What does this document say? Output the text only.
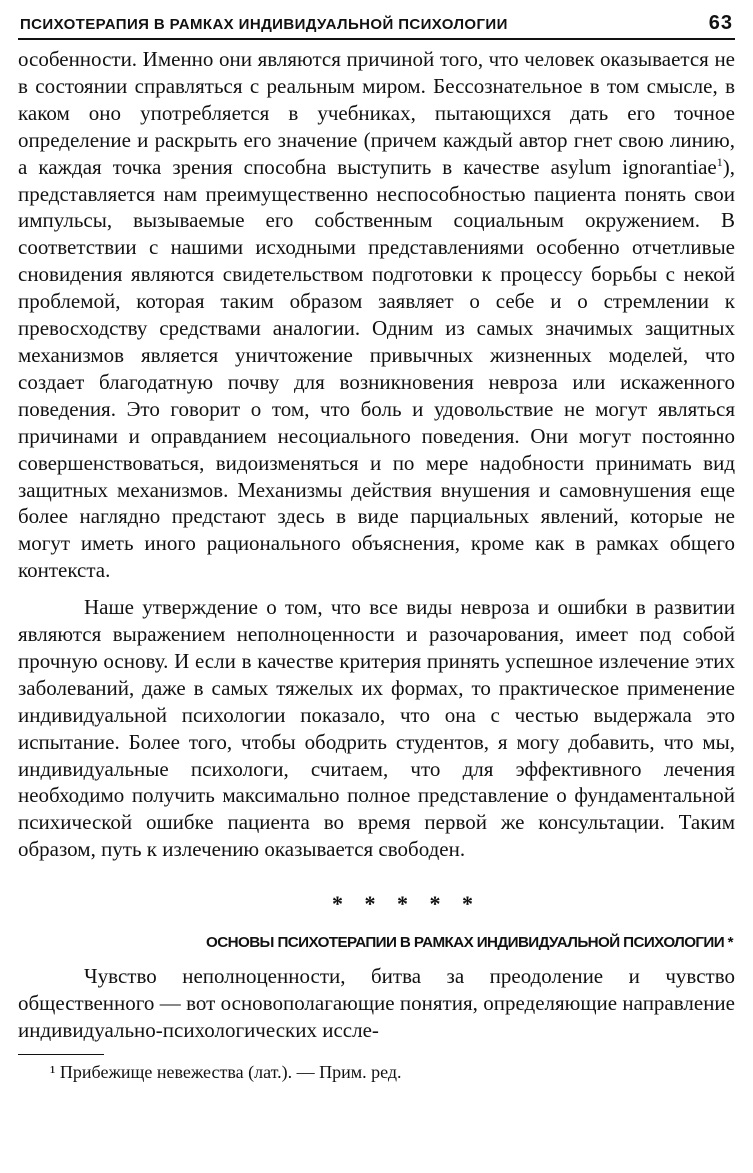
ПСИХОТЕРАПИЯ В РАМКАХ ИНДИВИДУАЛЬНОЙ ПСИХОЛОГИИ	63

особенности. Именно они являются причиной того, что человек оказывается не в состоянии справляться с реальным миром. Бессознательное в том смысле, в каком оно употребляется в учебниках, пытающихся дать его точное определение и раскрыть его значение (причем каждый автор гнет свою линию, а каждая точка зрения способна выступить в качестве asylum ignorantiae$^1$), представляется нам преимущественно неспособностью пациента понять свои импульсы, вызываемые его собственным социальным окружением. В соответствии с нашими исходными представлениями особенно отчетливые сновидения являются свидетельством подготовки к процессу борьбы с некой проблемой, которая таким образом заявляет о себе и о стремлении к превосходству средствами аналогии. Одним из самых значимых защитных механизмов является уничтожение привычных жизненных моделей, что создает благодатную почву для возникновения невроза или искаженного поведения. Это говорит о том, что боль и удовольствие не могут являться причинами и оправданием несоциального поведения. Они могут постоянно совершенствоваться, видоизменяться и по мере надобности принимать вид защитных механизмов. Механизмы действия внушения и самовнушения еще более наглядно предстают здесь в виде парциальных явлений, которые не могут иметь иного рационального объяснения, кроме как в рамках общего контекста.

Наше утверждение о том, что все виды невроза и ошибки в развитии являются выражением неполноценности и разочарования, имеет под собой прочную основу. И если в качестве критерия принять успешное излечение этих заболеваний, даже в самых тяжелых их формах, то практическое применение индивидуальной психологии показало, что она с честью выдержала это испытание. Более того, чтобы ободрить студентов, я могу добавить, что мы, индивидуальные психологи, считаем, что для эффективного лечения необходимо получить максимально полное представление о фундаментальной психической ошибке пациента во время первой же консультации. Таким образом, путь к излечению оказывается свободен.

* * * * *
ОСНОВЫ ПСИХОТЕРАПИИ В РАМКАХ ИНДИВИДУАЛЬНОЙ ПСИХОЛОГИИ *

Чувство неполноценности, битва за преодоление и чувство общественного — вот основополагающие понятия, определяющие направление индивидуально-психологических иссле-

¹ Прибежище невежества (лат.). — Прим. ред.
